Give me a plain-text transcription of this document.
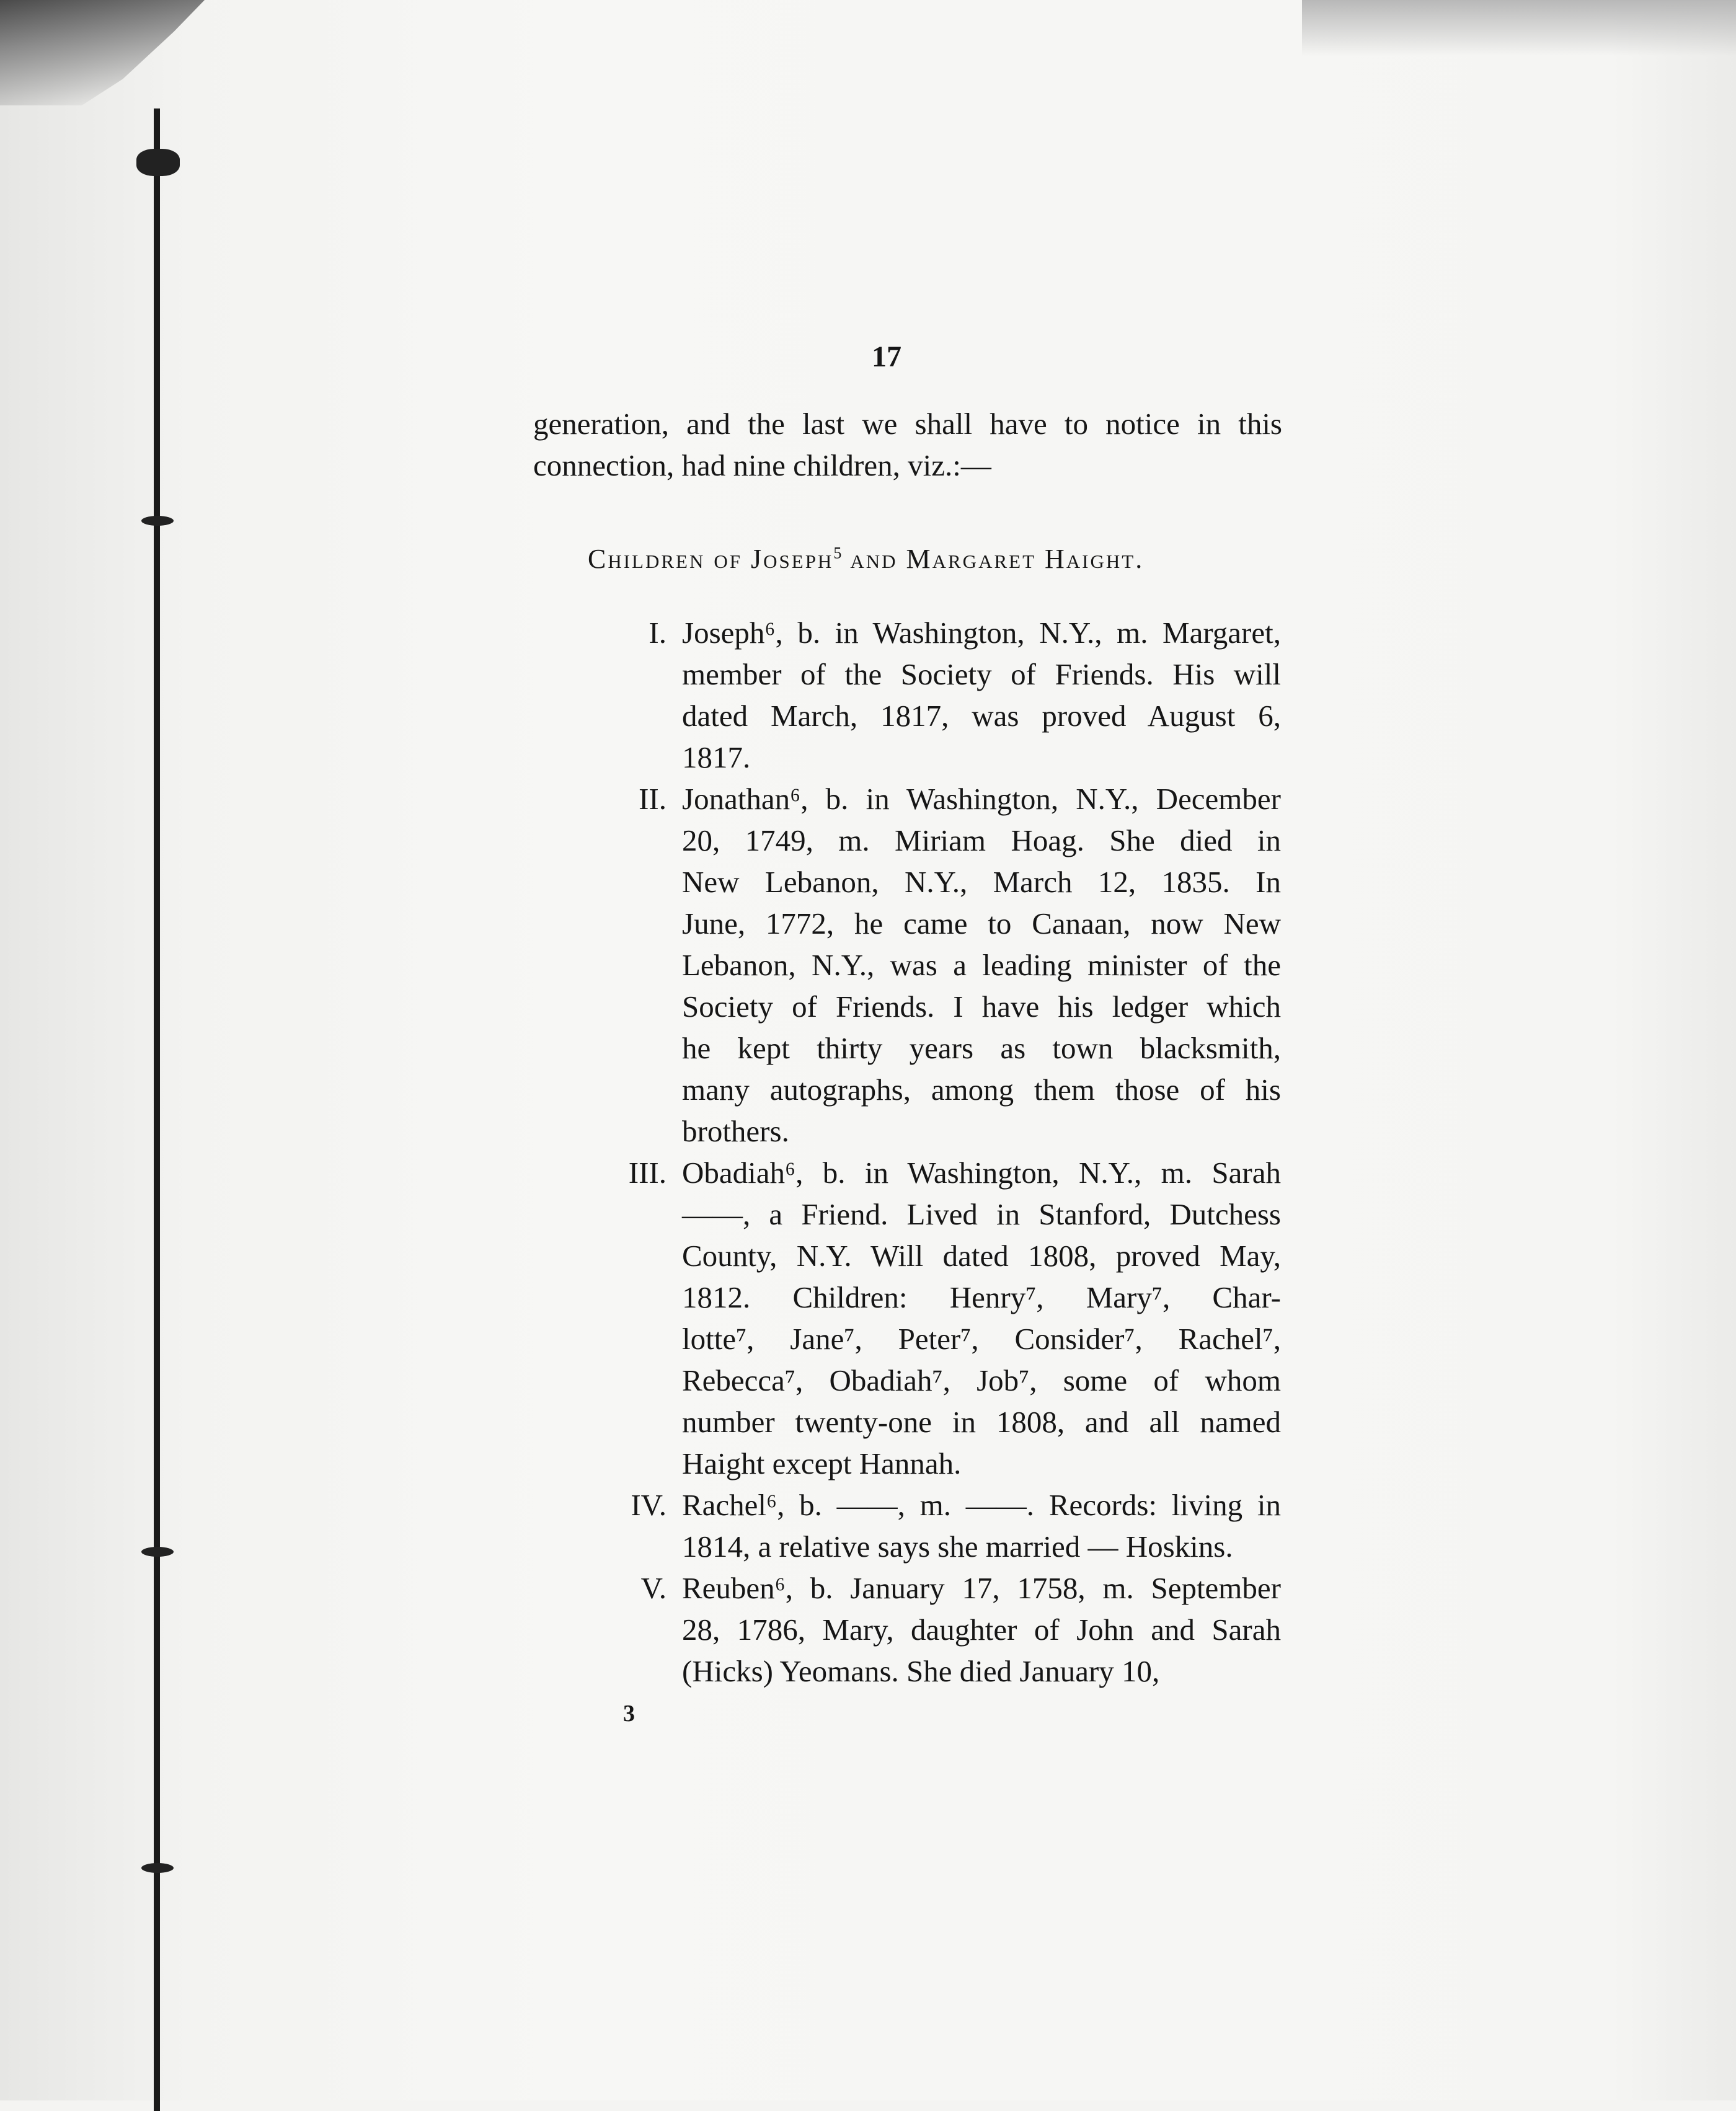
17
generation, and the last we shall have to notice in this
connection, had nine children, viz.:—
Children of Joseph$^5$ and Margaret Haight.
I. Joseph⁶, b. in Washington, N.Y., m. Margaret,
member of the Society of Friends. His will
dated March, 1817, was proved August 6,
1817.
II. Jonathan⁶, b. in Washington, N.Y., December
20, 1749, m. Miriam Hoag. She died in
New Lebanon, N.Y., March 12, 1835. In
June, 1772, he came to Canaan, now New
Lebanon, N.Y., was a leading minister of the
Society of Friends. I have his ledger which
he kept thirty years as town blacksmith,
many autographs, among them those of his
brothers.
III. Obadiah⁶, b. in Washington, N.Y., m. Sarah
——, a Friend. Lived in Stanford, Dutchess
County, N.Y. Will dated 1808, proved May,
1812. Children: Henry⁷, Mary⁷, Char-
lotte⁷, Jane⁷, Peter⁷, Consider⁷, Rachel⁷,
Rebecca⁷, Obadiah⁷, Job⁷, some of whom
number twenty-one in 1808, and all named
Haight except Hannah.
IV. Rachel⁶, b. ——, m. ——. Records: living in
1814, a relative says she married — Hoskins.
V. Reuben⁶, b. January 17, 1758, m. September
28, 1786, Mary, daughter of John and Sarah
(Hicks) Yeomans. She died January 10,
3
